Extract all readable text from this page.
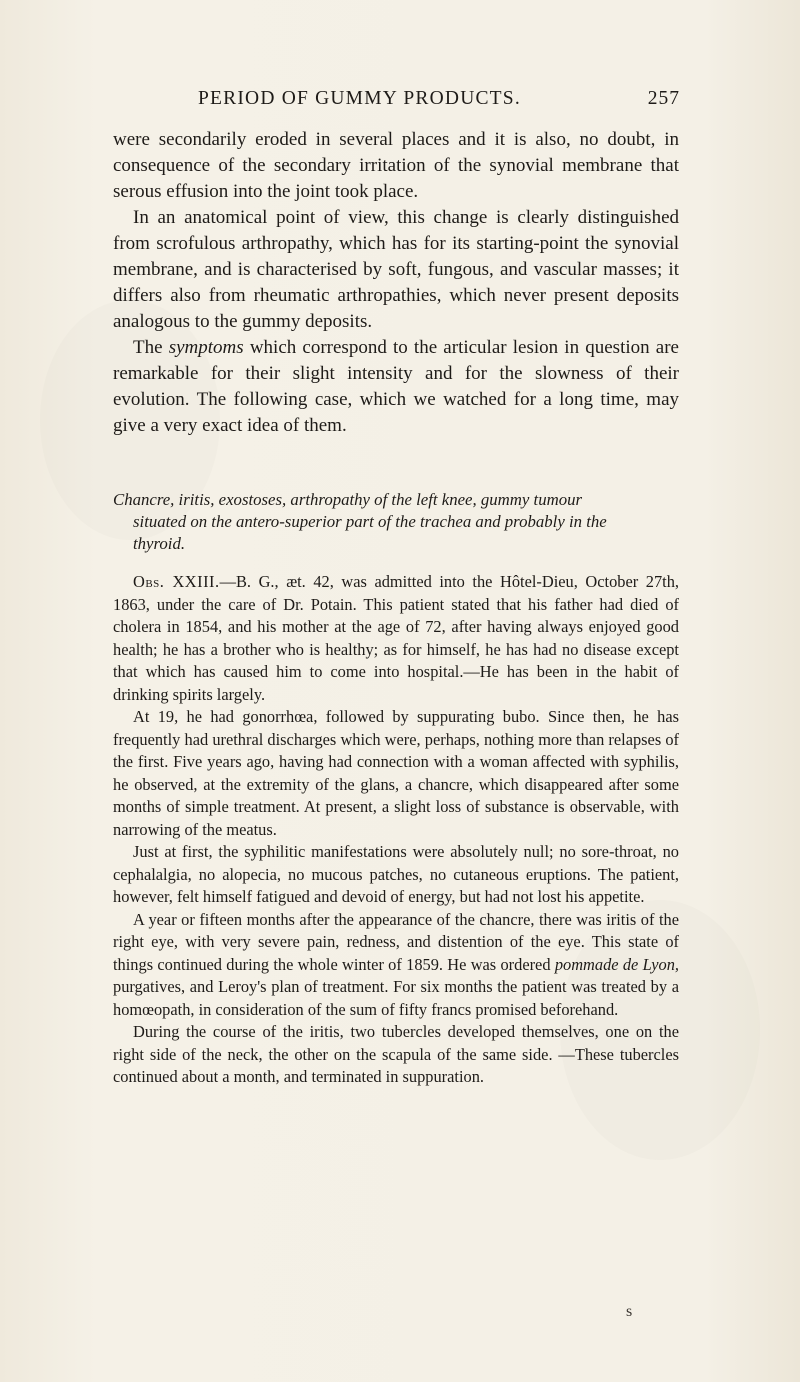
PERIOD OF GUMMY PRODUCTS.	257

were secondarily eroded in several places and it is also, no doubt, in consequence of the secondary irritation of the synovial membrane that serous effusion into the joint took place.

In an anatomical point of view, this change is clearly distinguished from scrofulous arthropathy, which has for its starting-point the synovial membrane, and is characterised by soft, fungous, and vascular masses; it differs also from rheumatic arthropathies, which never present deposits analogous to the gummy deposits.

The symptoms which correspond to the articular lesion in question are remarkable for their slight intensity and for the slowness of their evolution. The following case, which we watched for a long time, may give a very exact idea of them.

Chancre, iritis, exostoses, arthropathy of the left knee, gummy tumour
situated on the antero-superior part of the trachea and probably in the
thyroid.

Obs. XXIII.—B. G., æt. 42, was admitted into the Hôtel-Dieu, October 27th, 1863, under the care of Dr. Potain. This patient stated that his father had died of cholera in 1854, and his mother at the age of 72, after having always enjoyed good health; he has a brother who is healthy; as for himself, he has had no disease except that which has caused him to come into hospital.—He has been in the habit of drinking spirits largely.

At 19, he had gonorrhœa, followed by suppurating bubo. Since then, he has frequently had urethral discharges which were, perhaps, nothing more than relapses of the first. Five years ago, having had connection with a woman affected with syphilis, he observed, at the extremity of the glans, a chancre, which disappeared after some months of simple treatment. At present, a slight loss of substance is observable, with narrowing of the meatus.

Just at first, the syphilitic manifestations were absolutely null; no sore-throat, no cephalalgia, no alopecia, no mucous patches, no cutaneous eruptions. The patient, however, felt himself fatigued and devoid of energy, but had not lost his appetite.

A year or fifteen months after the appearance of the chancre, there was iritis of the right eye, with very severe pain, redness, and distention of the eye. This state of things continued during the whole winter of 1859. He was ordered pommade de Lyon, purgatives, and Leroy's plan of treatment. For six months the patient was treated by a homœopath, in consideration of the sum of fifty francs promised beforehand.

During the course of the iritis, two tubercles developed themselves, one on the right side of the neck, the other on the scapula of the same side. —These tubercles continued about a month, and terminated in suppuration.

s
